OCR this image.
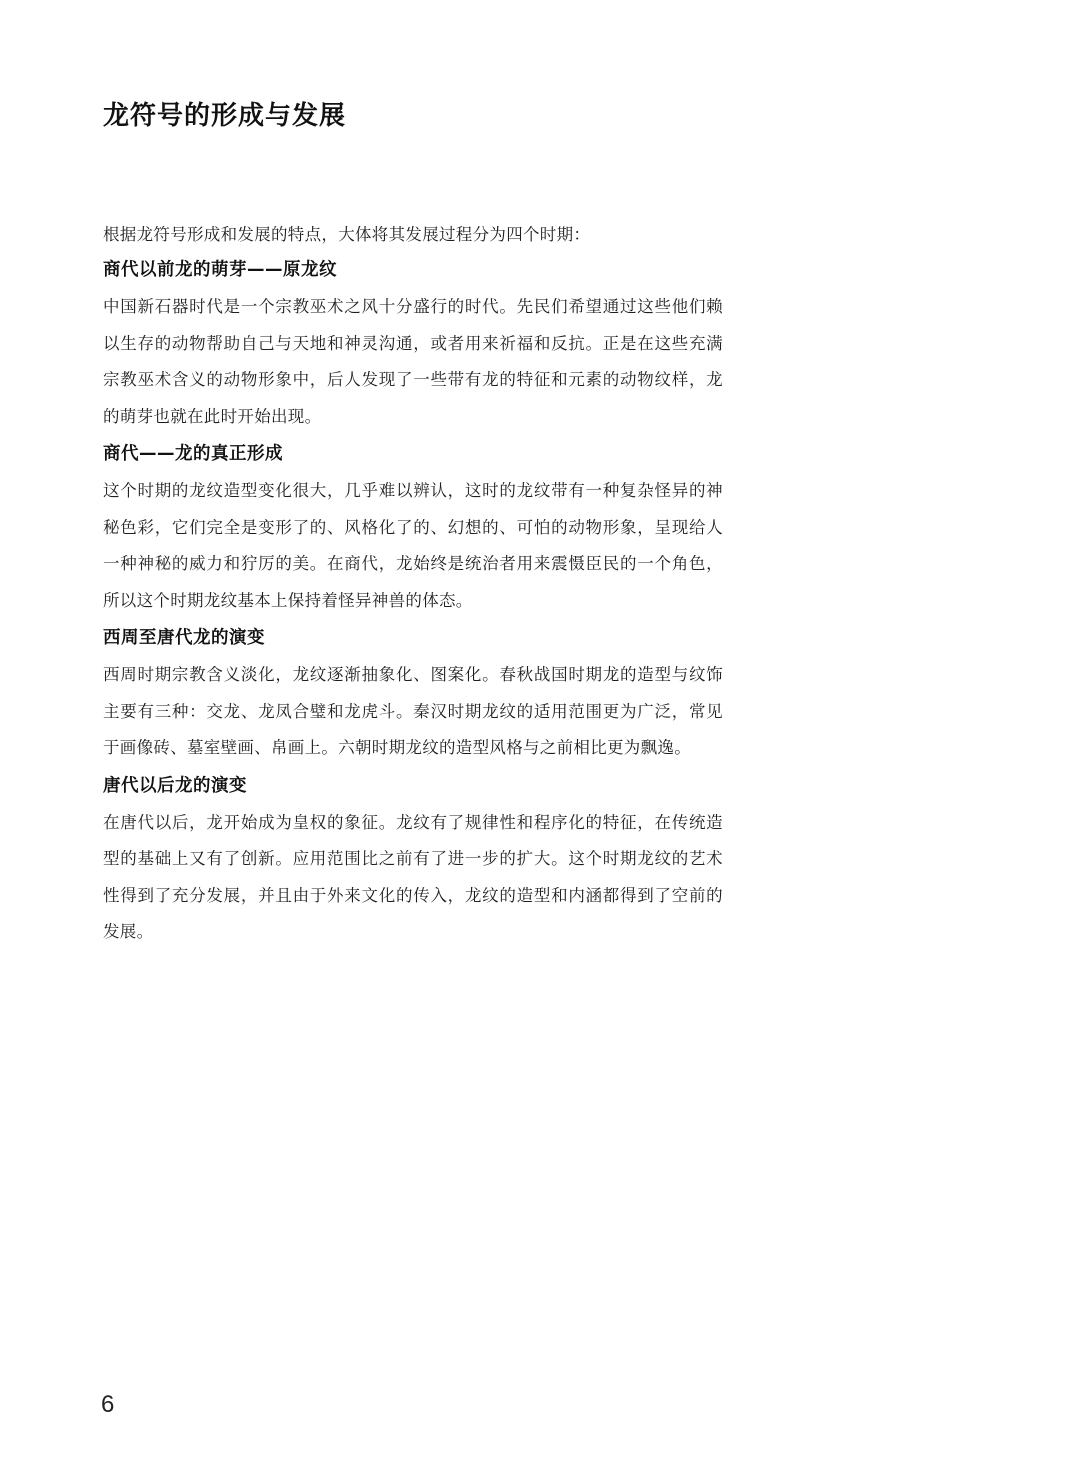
龙符号的形成与发展

根据龙符号形成和发展的特点，大体将其发展过程分为四个时期：

商代以前龙的萌芽——原龙纹

中国新石器时代是一个宗教巫术之风十分盛行的时代。先民们希望通过这些他们赖以生存的动物帮助自己与天地和神灵沟通，或者用来祈福和反抗。正是在这些充满宗教巫术含义的动物形象中，后人发现了一些带有龙的特征和元素的动物纹样，龙的萌芽也就在此时开始出现。

商代——龙的真正形成

这个时期的龙纹造型变化很大，几乎难以辨认，这时的龙纹带有一种复杂怪异的神秘色彩，它们完全是变形了的、风格化了的、幻想的、可怕的动物形象，呈现给人一种神秘的威力和狞厉的美。在商代，龙始终是统治者用来震慑臣民的一个角色，所以这个时期龙纹基本上保持着怪异神兽的体态。

西周至唐代龙的演变

西周时期宗教含义淡化，龙纹逐渐抽象化、图案化。春秋战国时期龙的造型与纹饰主要有三种：交龙、龙凤合璧和龙虎斗。秦汉时期龙纹的适用范围更为广泛，常见于画像砖、墓室壁画、帛画上。六朝时期龙纹的造型风格与之前相比更为飘逸。

唐代以后龙的演变

在唐代以后，龙开始成为皇权的象征。龙纹有了规律性和程序化的特征，在传统造型的基础上又有了创新。应用范围比之前有了进一步的扩大。这个时期龙纹的艺术性得到了充分发展，并且由于外来文化的传入，龙纹的造型和内涵都得到了空前的发展。

6
